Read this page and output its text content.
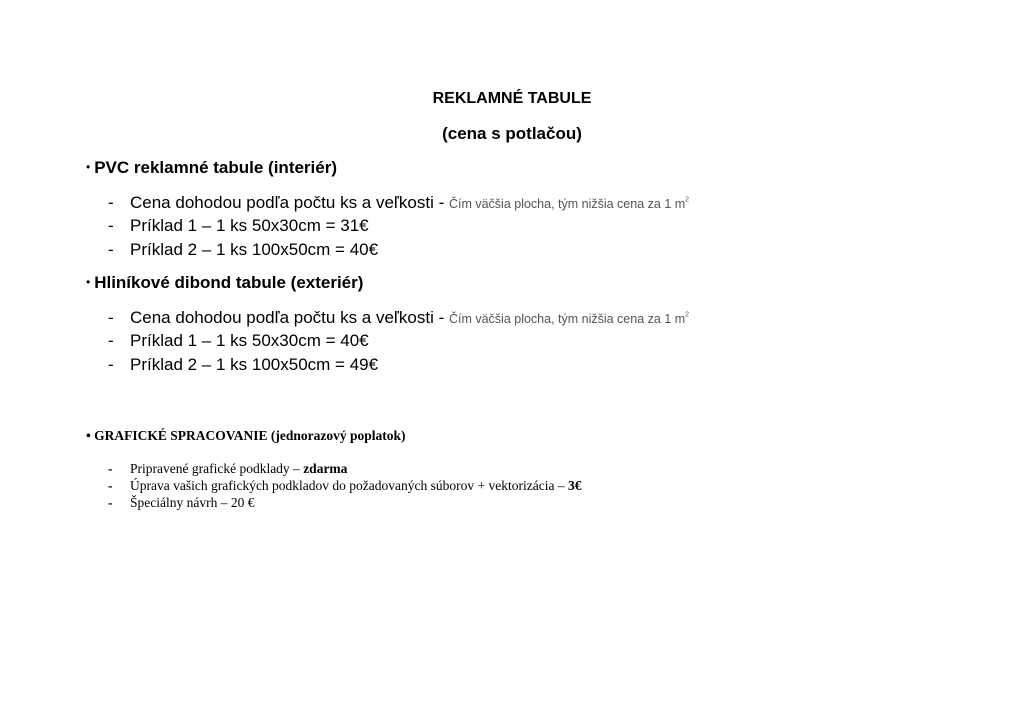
REKLAMNÉ TABULE
(cena s potlačou)
• PVC reklamné tabule (interiér)
- Cena dohodou podľa počtu ks a veľkosti - Čím väčšia plocha, tým nižšia cena za 1 $m^2$
- Príklad 1 – 1 ks 50x30cm = 31€
- Príklad 2 – 1 ks 100x50cm = 40€
• Hliníkové dibond tabule (exteriér)
- Cena dohodou podľa počtu ks a veľkosti - Čím väčšia plocha, tým nižšia cena za 1 $m^2$
- Príklad 1 – 1 ks 50x30cm = 40€
- Príklad 2 – 1 ks 100x50cm = 49€
• GRAFICKÉ SPRACOVANIE (jednorazový poplatok)
- Pripravené grafické podklady – zdarma
- Úprava vašich grafických podkladov do požadovaných súborov + vektorizácia – 3€
- Špeciálny návrh – 20 €
